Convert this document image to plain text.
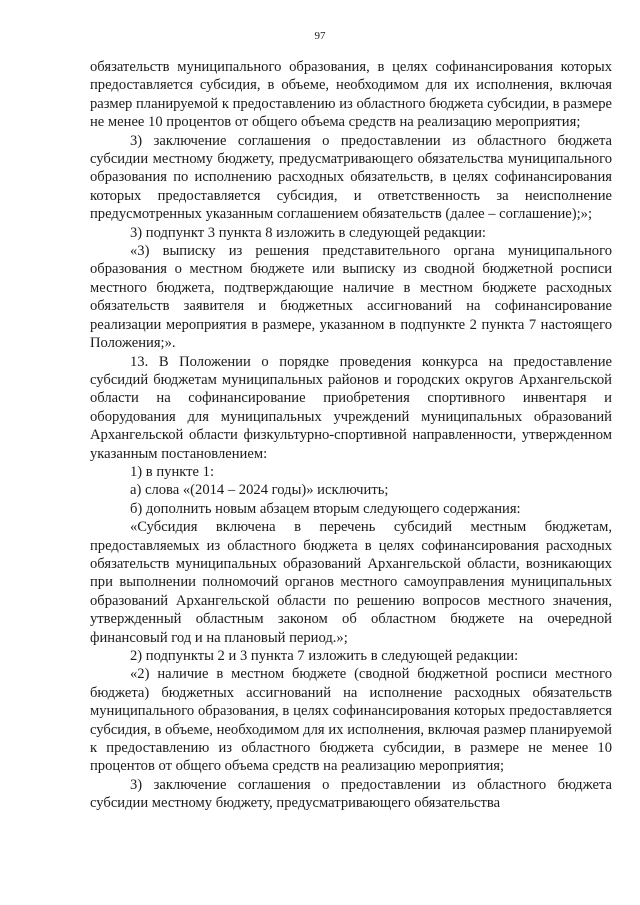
97

обязательств муниципального образования, в целях софинансирования которых предоставляется субсидия, в объеме, необходимом для их исполнения, включая размер планируемой к предоставлению из областного бюджета субсидии, в размере не менее 10 процентов от общего объема средств на реализацию мероприятия;

3) заключение соглашения о предоставлении из областного бюджета субсидии местному бюджету, предусматривающего обязательства муниципального образования по исполнению расходных обязательств, в целях софинансирования которых предоставляется субсидия, и ответственность за неисполнение предусмотренных указанным соглашением обязательств (далее – соглашение);»;

3) подпункт 3 пункта 8 изложить в следующей редакции:

«3) выписку из решения представительного органа муниципального образования о местном бюджете или выписку из сводной бюджетной росписи местного бюджета, подтверждающие наличие в местном бюджете расходных обязательств заявителя и бюджетных ассигнований на софинансирование реализации мероприятия в размере, указанном в подпункте 2 пункта 7 настоящего Положения;».

13. В Положении о порядке проведения конкурса на предоставление субсидий бюджетам муниципальных районов и городских округов Архангельской области на софинансирование приобретения спортивного инвентаря и оборудования для муниципальных учреждений муниципальных образований Архангельской области физкультурно-спортивной направленности, утвержденном указанным постановлением:

1) в пункте 1:

а) слова «(2014 – 2024 годы)» исключить;

б) дополнить новым абзацем вторым следующего содержания:

«Субсидия включена в перечень субсидий местным бюджетам, предоставляемых из областного бюджета в целях софинансирования расходных обязательств муниципальных образований Архангельской области, возникающих при выполнении полномочий органов местного самоуправления муниципальных образований Архангельской области по решению вопросов местного значения, утвержденный областным законом об областном бюджете на очередной финансовый год и на плановый период.»;

2) подпункты 2 и 3 пункта 7 изложить в следующей редакции:

«2) наличие в местном бюджете (сводной бюджетной росписи местного бюджета) бюджетных ассигнований на исполнение расходных обязательств муниципального образования, в целях софинансирования которых предоставляется субсидия, в объеме, необходимом для их исполнения, включая размер планируемой к предоставлению из областного бюджета субсидии, в размере не менее 10 процентов от общего объема средств на реализацию мероприятия;

3) заключение соглашения о предоставлении из областного бюджета субсидии местному бюджету, предусматривающего обязательства
